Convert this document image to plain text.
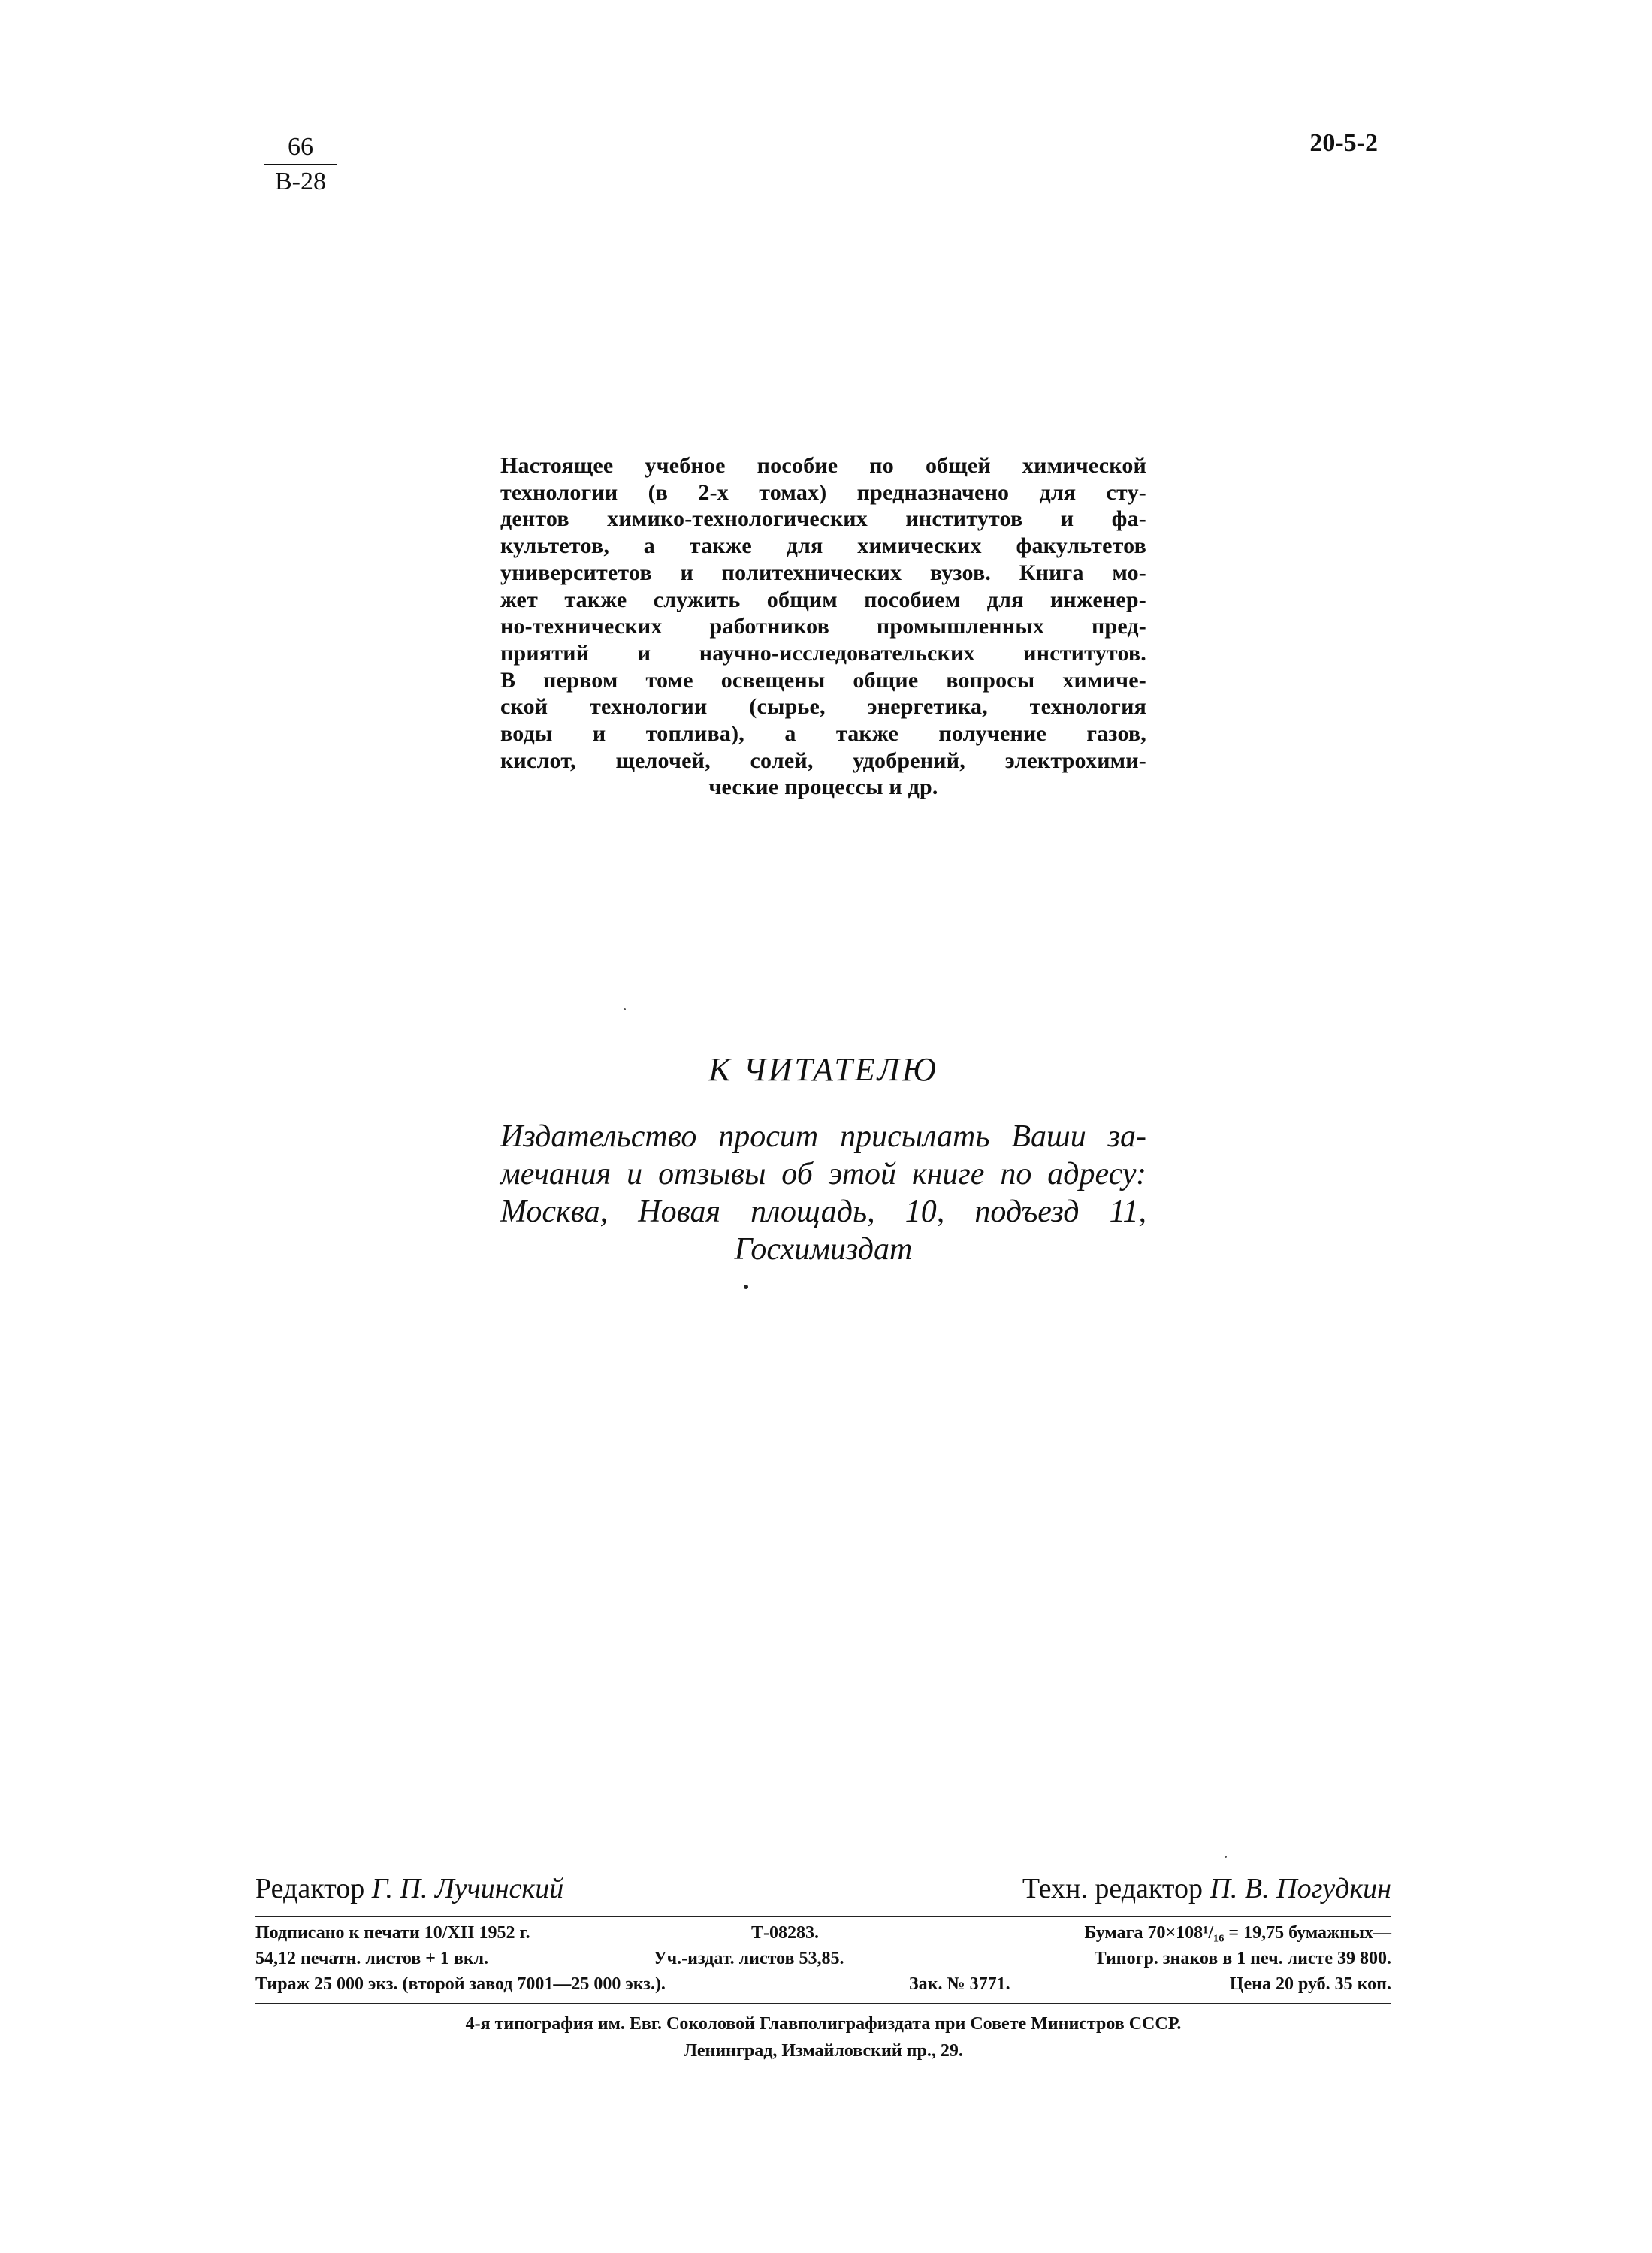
66
В-28
20-5-2
Настоящее учебное пособие по общей химической
технологии (в 2-х томах) предназначено для сту-
дентов химико-технологических институтов и фа-
культетов, а также для химических факультетов
университетов и политехнических вузов. Книга мо-
жет также служить общим пособием для инженер-
но-технических работников промышленных пред-
приятий и научно-исследовательских институтов.
В первом томе освещены общие вопросы химиче-
ской технологии (сырье, энергетика, технология
воды и топлива), а также получение газов,
кислот, щелочей, солей, удобрений, электрохими-
ческие процессы и др.
К ЧИТАТЕЛЮ
Издательство просит присылать Ваши за-
мечания и отзывы об этой книге по адресу:
Москва, Новая площадь, 10, подъезд 11,
Госхимиздат
Редактор Г. П. Лучинский	Техн. редактор П. В. Погудкин
Подписано к печати 10/XII 1952 г.	Т-08283.	Бумага 70×108¹/₁₆ = 19,75 бумажных—
54,12 печатн. листов + 1 вкл.	Уч.-издат. листов 53,85.	Типогр. знаков в 1 печ. листе 39 800.
Тираж 25 000 экз. (второй завод 7001—25 000 экз.).	Зак. № 3771.	Цена 20 руб. 35 коп.
4-я типография им. Евг. Соколовой Главполиграфиздата при Совете Министров СССР.
Ленинград, Измайловский пр., 29.
